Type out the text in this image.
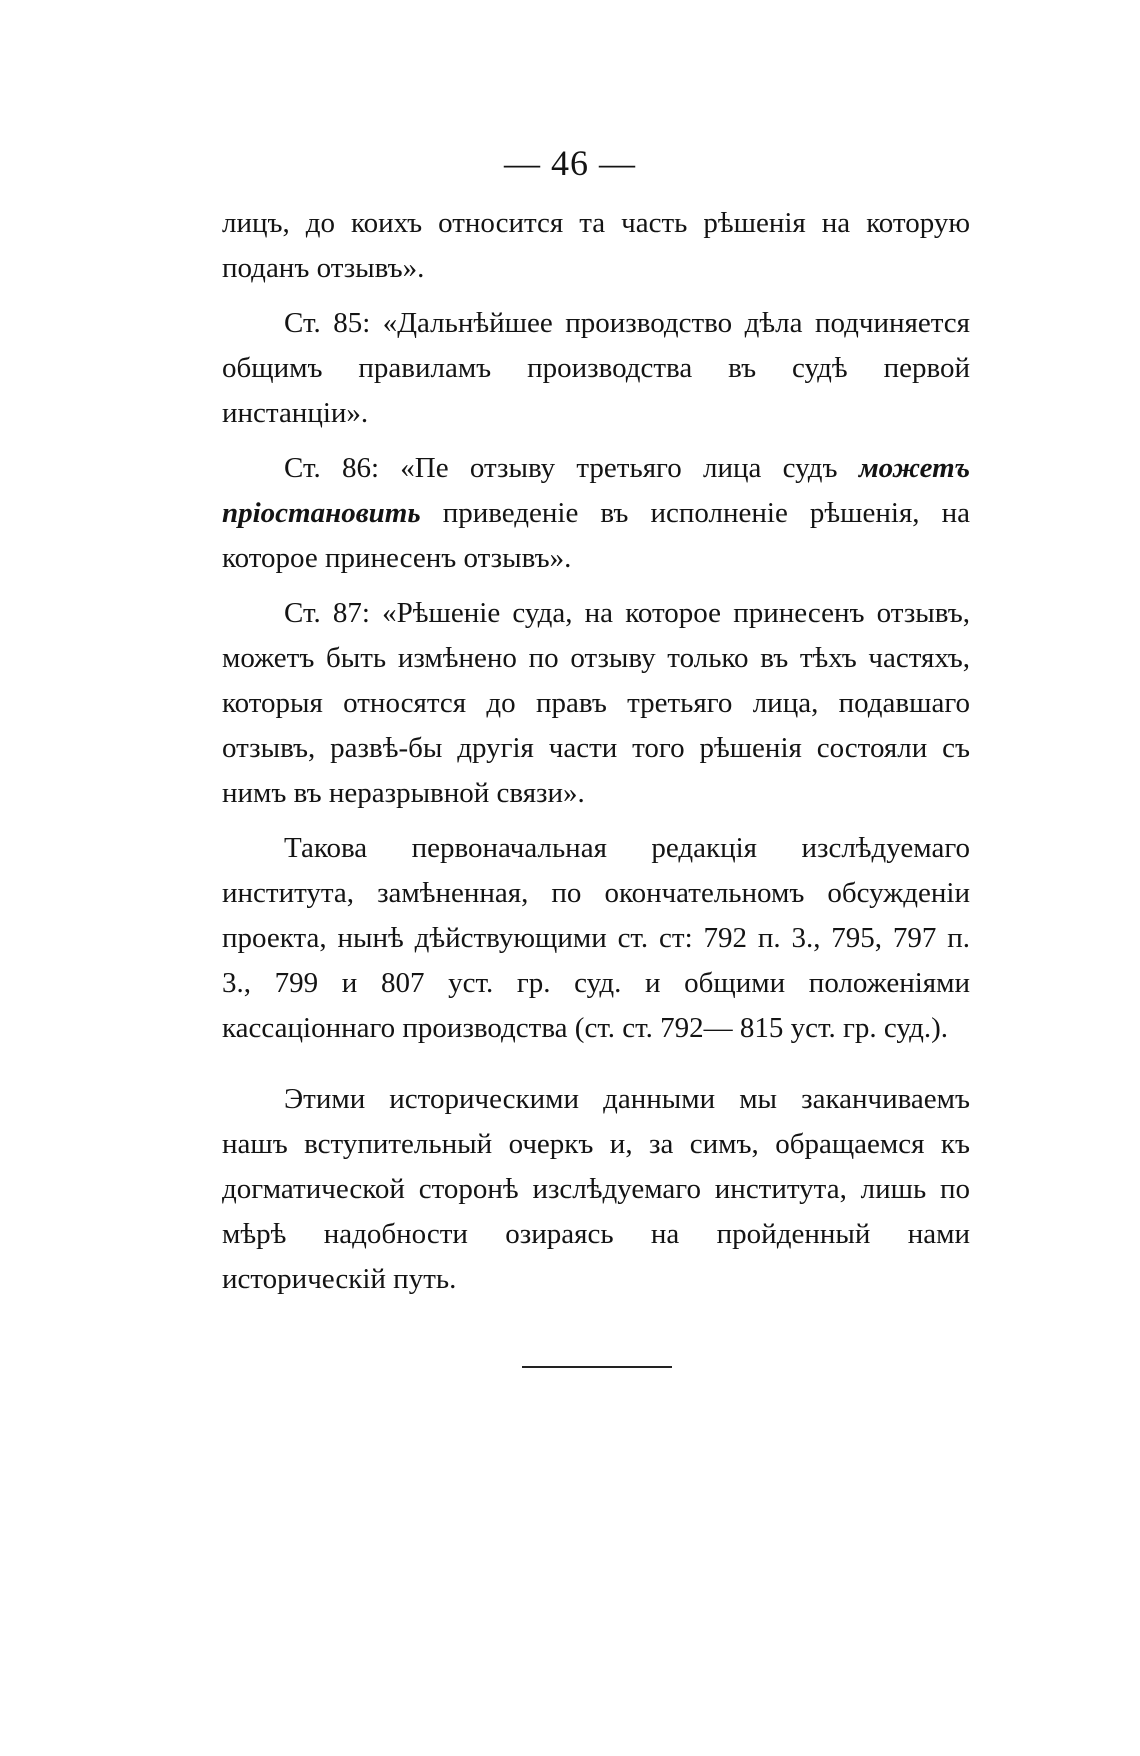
— 46 —

лицъ, до коихъ относится та часть рѣшенія на которую поданъ отзывъ».

Ст. 85: «Дальнѣйшее производство дѣла подчиняется общимъ правиламъ производства въ судѣ первой инстанціи».

Ст. 86: «Пе отзыву третьяго лица судъ можетъ пріостановить приведеніе въ исполненіе рѣшенія, на которое принесенъ отзывъ».

Ст. 87: «Рѣшеніе суда, на которое принесенъ отзывъ, можетъ быть измѣнено по отзыву только въ тѣхъ частяхъ, которыя относятся до правъ третьяго лица, подавшаго отзывъ, развѣ-бы другія части того рѣшенія состояли съ нимъ въ неразрывной связи».

Такова первоначальная редакція изслѣдуемаго института, замѣненная, по окончательномъ обсужденіи проекта, нынѣ дѣйствующими ст. ст: 792 п. 3., 795, 797 п. 3., 799 и 807 уст. гр. суд. и общими положеніями кассаціоннаго производства (ст. ст. 792— 815 уст. гр. суд.).

Этими историческими данными мы заканчиваемъ нашъ вступительный очеркъ и, за симъ, обращаемся къ догматической сторонѣ изслѣдуемаго института, лишь по мѣрѣ надобности озираясь на пройденный нами историческій путь.
